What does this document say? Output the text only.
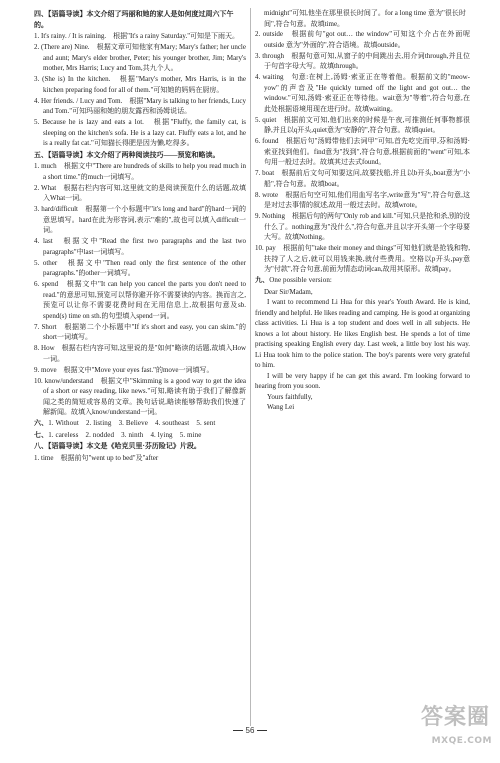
四、【语篇导读】本文介绍了玛丽和她的家人是如何度过周六下午的。
1. It's rainy. / It is raining.　根据"It's a rainy Saturday."可知是下雨天。
2. (There are) Nine.　根据文章可知他家有Mary; Mary's father; her uncle and aunt; Mary's elder brother, Peter; his younger brother, Jim; Mary's mother, Mrs Harris; Lucy and Tom,共九个人。
3. (She is) In the kitchen.　根据"Mary's mother, Mrs Harris, is in the kitchen preparing food for all of them."可知她的妈妈在厨房。
4. Her friends. / Lucy and Tom.　根据"Mary is talking to her friends, Lucy and Tom."可知玛丽和她的朋友露西和汤姆说话。
5. Because he is lazy and eats a lot.　根据"Fluffy, the family cat, is sleeping on the kitchen's sofa. He is a lazy cat. Fluffy eats a lot, and he is a really fat cat."可知猫长得肥是因为懒,吃得多。
五、【语篇导读】本文介绍了两种阅读技巧——预览和略读。
1. much　根据文中"There are hundreds of skills to help you read much in a short time."的much一词填写。
2. What　根据右栏内容可知,这里就文的是阅读预览什么的话题,故填入What一词。
3. hard/difficult　根据第一个小标题中"it's long and hard"的hard一词的意思填写。hard在此为形容词,表示"难的",故也可以填入difficult一词。
4. last　根据文中"Read the first two paragraphs and the last two paragraphs"中last一词填写。
5. other　根据文中"Then read only the first sentence of the other paragraphs."的other一词填写。
6. spend　根据文中"It can help you cancel the parts you don't need to read."的意思可知,预览可以帮你避开你不需要读的内容。换而言之,预览可以让你不需要花费时间在无用信息上,故根据句意及sb. spend(s) time on sth.的句型填入spend一词。
7. Short　根据第二个小标题中"If it's short and easy, you can skim."的short一词填写。
8. How　根据右栏内容可知,这里说的是"如何"略读的话题,故填入How一词。
9. move　根据文中"Move your eyes fast."的move一词填写。
10. know/understand　根据文中"Skimming is a good way to get the idea of a short or easy reading, like news."可知,略读有助于我们了解像新闻之类的简短或容易的文章。换句话说,略读能够帮助我们快速了解新闻。故填入know/understand一词。
六、1. Without　2. listing　3. Believe　4. southeast　5. sent
七、1. careless　2. nodded　3. ninth　4. lying　5. mine
八、【语篇导读】本文是《哈克贝里·芬历险记》片段。
1. time　根据前句"went up to bed"及"after
midnight"可知,他坐在那里很长时间了。for a long time 意为"很长时间",符合句意。故填time。
2. outside　根据前句"got out… the window"可知这个介占在外面呢 outside 意为"外面的",符合语境。故填outside。
3. through　根据句意可知,从窗子的中间跳出去,用介词through,并且位于句首字母大写。故填through。
4. waiting　句意:在树上,汤姆·索亚正在等着他。根据前文的"meow-yow"的声音及"He quickly turned off the light and got out… the window."可知,汤姆·索亚正在等待他。wait意为"等着",符合句意,在此处根据语境用现在进行时。故填waiting。
5. quiet　根据前文可知,他们出来的时候是午夜,可推测任何事物都很静,并且以q开头,quiet意为"安静的",符合句意。故填quiet。
6. found　根据后句"汤姆带他们去词甲"可知,首先吃完而甲,芬和汤姆·索亚找到他们。find意为"找到",符合句意,根据前面的"went"可知,本句用一般过去时。故填其过去式found。
7. boat　根据前后文句可知要这问,故要找船,并且以b开头,boat意为"小船",符合句意。故填boat。
8. wrote　根据后句空可知,他们用血写名字,write意为"写",符合句意,这是对过去事情的叙述,故用一般过去时。故填wrote。
9. Nothing　根据后句的两句"Only rob and kill."可知,只是抢和杀,别的没什么了。nothing意为"没什么",符合句意,并且以字开头第一个字母要大写。故填Nothing。
10. pay　根据前句"take their money and things"可知他们就是抢钱和物,扶持了人之后,就可以用钱来换,就付些费用。空格以p开头,pay意为"付款",符合句意,前面为情态动词can,故用其原形。故填pay。
九、One possible version:

Dear Sir/Madam,

I want to recommend Li Hua for this year's Youth Award. He is kind, friendly and helpful. He likes reading and camping. He is good at organizing class activities. Li Hua is a top student and does well in all subjects. He knows a lot about history. He likes English best. He spends a lot of time practising speaking English every day. Last week, a little boy lost his way. Li Hua took him to the police station. The boy's parents were very grateful to him.

I will be very happy if he can get this award. I'm looking forward to hearing from you soon.

Yours faithfully,

Wang Lei

56
答案圈
MXQE.COM
